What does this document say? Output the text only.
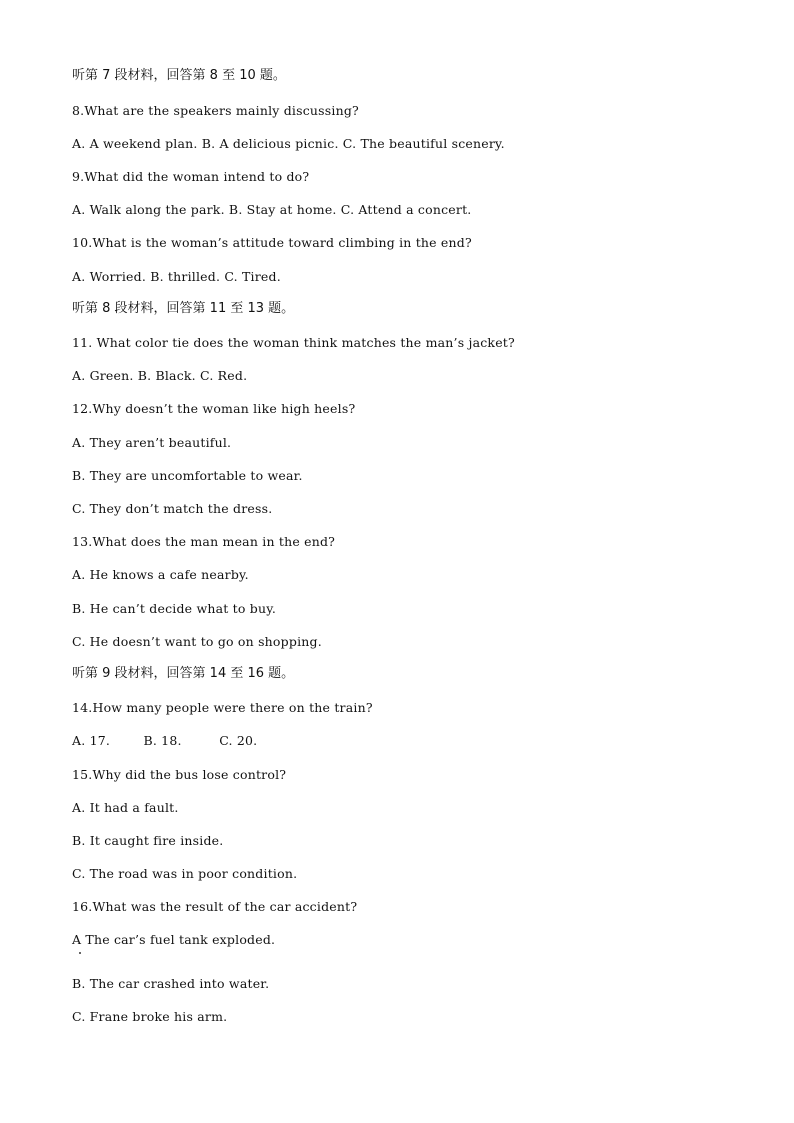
听第 7 段材料，回答第 8 至 10 题。
8.What are the speakers mainly discussing?
A. A weekend plan. B. A delicious picnic. C. The beautiful scenery.
9.What did the woman intend to do?
A. Walk along the park. B. Stay at home. C. Attend a concert.
10.What is the woman’s attitude toward climbing in the end?
A. Worried. B. thrilled. C. Tired.
听第 8 段材料，回答第 11 至 13 题。
11. What color tie does the woman think matches the man’s jacket?
A. Green. B. Black. C. Red.
12.Why doesn’t the woman like high heels?
A. They aren’t beautiful.
B. They are uncomfortable to wear.
C. They don’t match the dress.
13.What does the man mean in the end?
A. He knows a cafe nearby.
B. He can’t decide what to buy.
C. He doesn’t want to go on shopping.
听第 9 段材料，回答第 14 至 16 题。
14.How many people were there on the train?
A. 17.        B. 18.         C. 20.
15.Why did the bus lose control?
A. It had a fault.
B. It caught fire inside.
C. The road was in poor condition.
16.What was the result of the car accident?
A The car’s fuel tank exploded.
B. The car crashed into water.
C. Frane broke his arm.
